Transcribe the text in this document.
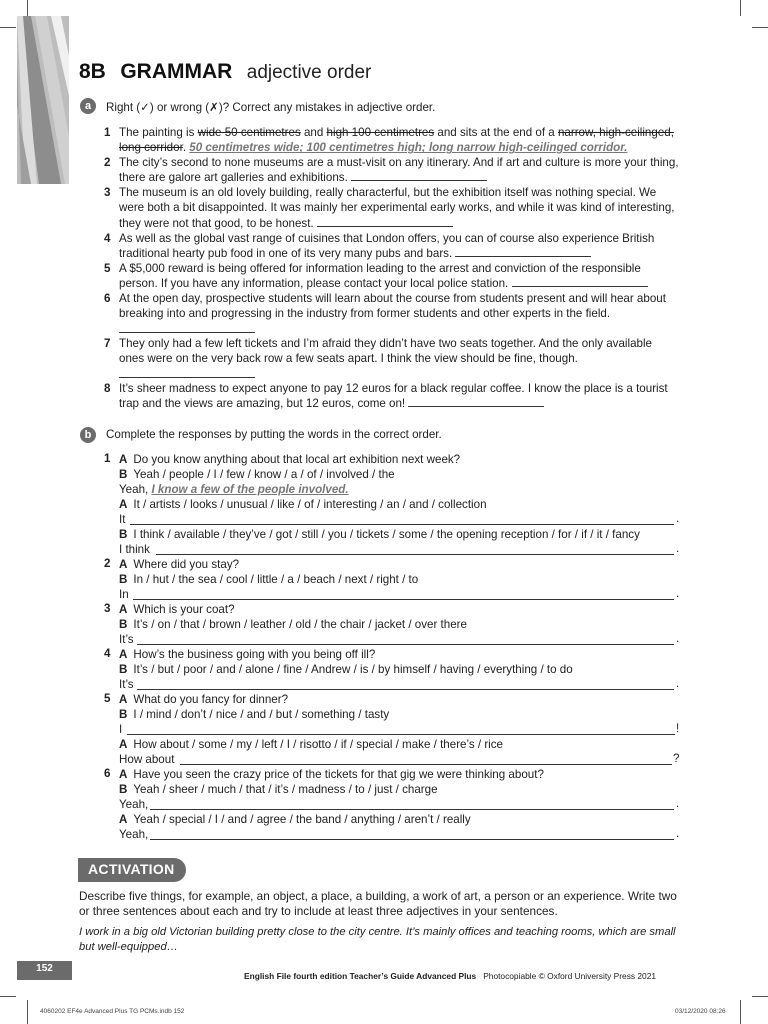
8B GRAMMAR adjective order
a	Right (✓) or wrong (✗)? Correct any mistakes in adjective order.
1 The painting is wide 50 centimetres and high 100 centimetres and sits at the end of a narrow, high-ceilinged, long corridor. 50 centimetres wide; 100 centimetres high; long narrow high-ceilinged corridor.
2 The city’s second to none museums are a must-visit on any itinerary. And if art and culture is more your thing, there are galore art galleries and exhibitions.
3 The museum is an old lovely building, really characterful, but the exhibition itself was nothing special. We were both a bit disappointed. It was mainly her experimental early works, and while it was kind of interesting, they were not that good, to be honest.
4 As well as the global vast range of cuisines that London offers, you can of course also experience British traditional hearty pub food in one of its very many pubs and bars.
5 A $5,000 reward is being offered for information leading to the arrest and conviction of the responsible person. If you have any information, please contact your local police station.
6 At the open day, prospective students will learn about the course from students present and will hear about breaking into and progressing in the industry from former students and other experts in the field.

7 They only had a few left tickets and I’m afraid they didn’t have two seats together. And the only available ones were on the very back row a few seats apart. I think the view should be fine, though.
8 It’s sheer madness to expect anyone to pay 12 euros for a black regular coffee. I know the place is a tourist trap and the views are amazing, but 12 euros, come on!
b	Complete the responses by putting the words in the correct order.
1 A Do you know anything about that local art exhibition next week?
B Yeah / people / I / few / know / a / of / involved / the
Yeah, I know a few of the people involved.
A It / artists / looks / unusual / like / of / interesting / an / and / collection
It	.
B I think / available / they’ve / got / still / you / tickets / some / the opening reception / for / if / it / fancy
I think	.
2 A Where did you stay?
B In / hut / the sea / cool / little / a / beach / next / right / to
In	.
3 A Which is your coat?
B It’s / on / that / brown / leather / old / the chair / jacket / over there
It’s	.
4 A How’s the business going with you being off ill?
B It’s / but / poor / and / alone / fine / Andrew / is / by himself / having / everything / to do
It’s	.
5 A What do you fancy for dinner?
B I / mind / don’t / nice / and / but / something / tasty
I	!
A How about / some / my / left / I / risotto / if / special / make / there’s / rice
How about	?
6 A Have you seen the crazy price of the tickets for that gig we were thinking about?
B Yeah / sheer / much / that / it’s / madness / to / just / charge
Yeah,	.
A Yeah / special / I / and / agree / the band / anything / aren’t / really
Yeah,	.
ACTIVATION
Describe five things, for example, an object, a place, a building, a work of art, a person or an experience. Write two or three sentences about each and try to include at least three adjectives in your sentences.
I work in a big old Victorian building pretty close to the city centre. It’s mainly offices and teaching rooms, which are small but well-equipped…
152
English File fourth edition Teacher’s Guide Advanced Plus Photocopiable © Oxford University Press 2021
4060202 EF4e Advanced Plus TG PCMs.indb 152	03/12/2020 08:26
